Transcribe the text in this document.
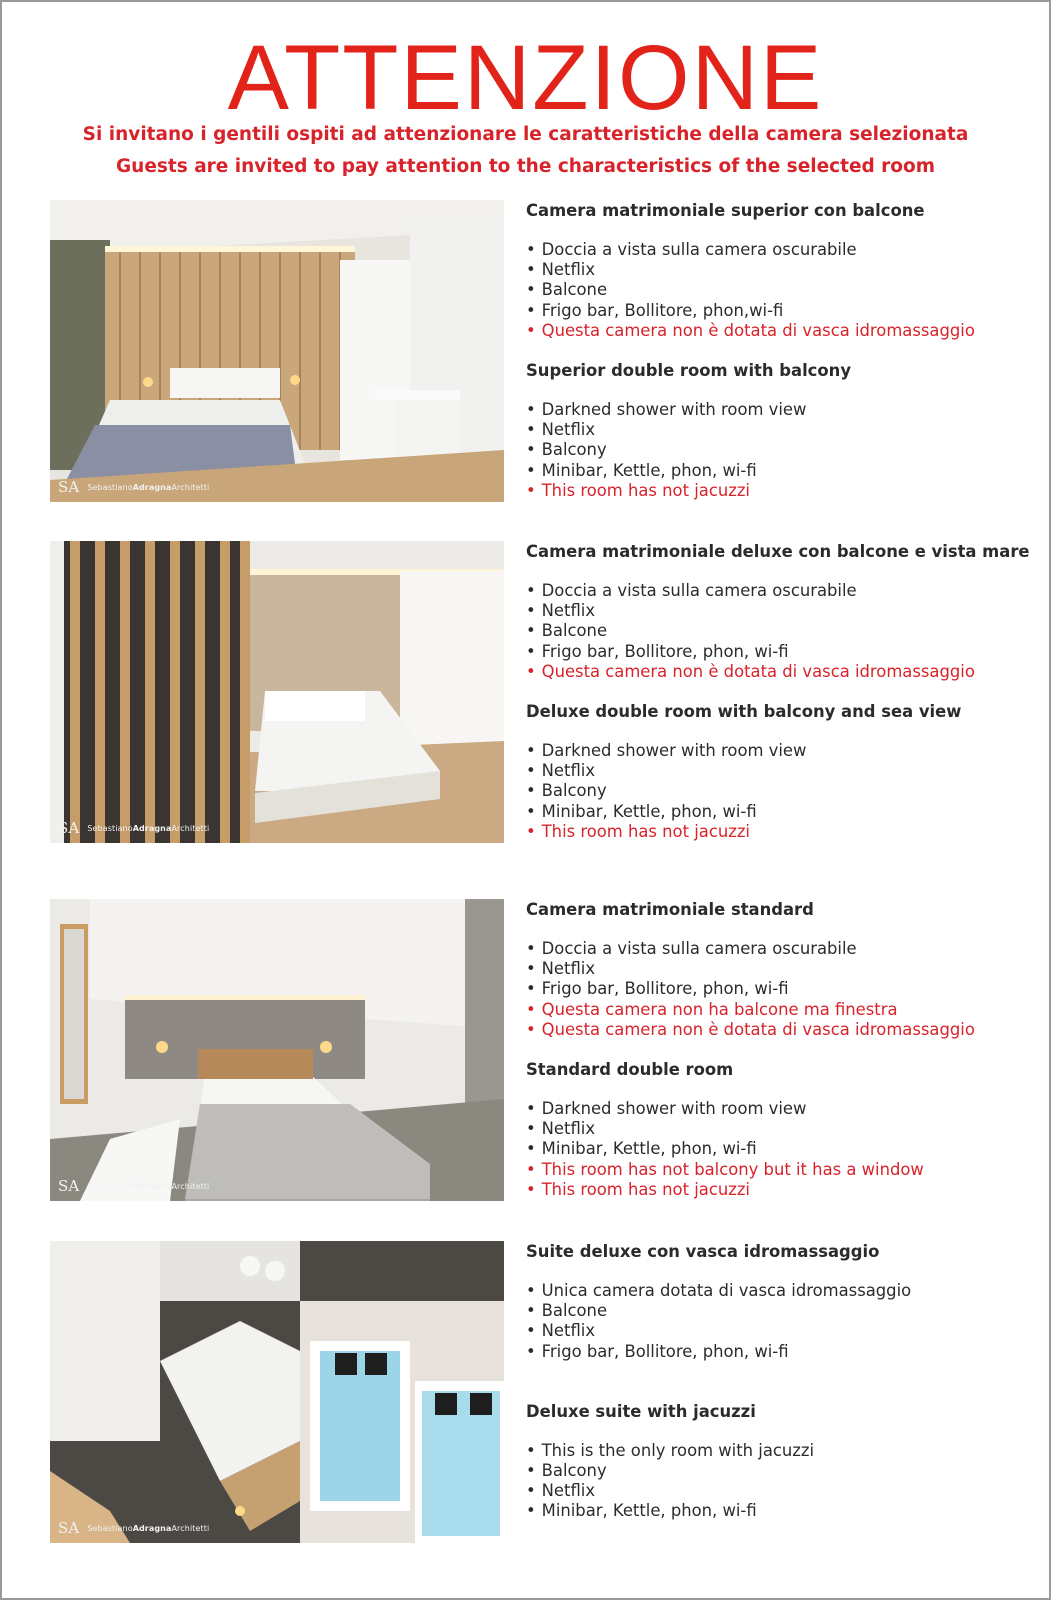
ATTENZIONE

Si invitano i gentili ospiti ad attenzionare le caratteristiche della camera selezionata

Guests are invited to pay attention to the characteristics of the selected room

SA SebastianoAdragnaArchitetti
Camera matrimoniale superior con balcone
• Doccia a vista sulla camera oscurabile
• Netflix
• Balcone
• Frigo bar, Bollitore, phon,wi-fi
• Questa camera non è dotata di vasca idromassaggio
Superior double room with balcony
• Darkned shower with room view
• Netflix
• Balcony
• Minibar, Kettle, phon, wi-fi
• This room has not jacuzzi
SA SebastianoAdragnaArchitetti
Camera matrimoniale deluxe con balcone e vista mare
• Doccia a vista sulla camera oscurabile
• Netflix
• Balcone
• Frigo bar, Bollitore, phon, wi-fi
• Questa camera non è dotata di vasca idromassaggio
Deluxe double room with balcony and sea view
• Darkned shower with room view
• Netflix
• Balcony
• Minibar, Kettle, phon, wi-fi
• This room has not jacuzzi
SA SebastianoAdragnaArchitetti
Camera matrimoniale standard
• Doccia a vista sulla camera oscurabile
• Netflix
• Frigo bar, Bollitore, phon, wi-fi
• Questa camera non ha balcone ma finestra
• Questa camera non è dotata di vasca idromassaggio
Standard double room
• Darkned shower with room view
• Netflix
• Minibar, Kettle, phon, wi-fi
• This room has not balcony but it has a window
• This room has not jacuzzi
SA SebastianoAdragnaArchitetti
Suite deluxe con vasca idromassaggio
• Unica camera dotata di vasca idromassaggio
• Balcone
• Netflix
• Frigo bar, Bollitore, phon, wi-fi
Deluxe suite with jacuzzi
• This is the only room with jacuzzi
• Balcony
• Netflix
• Minibar, Kettle, phon, wi-fi
